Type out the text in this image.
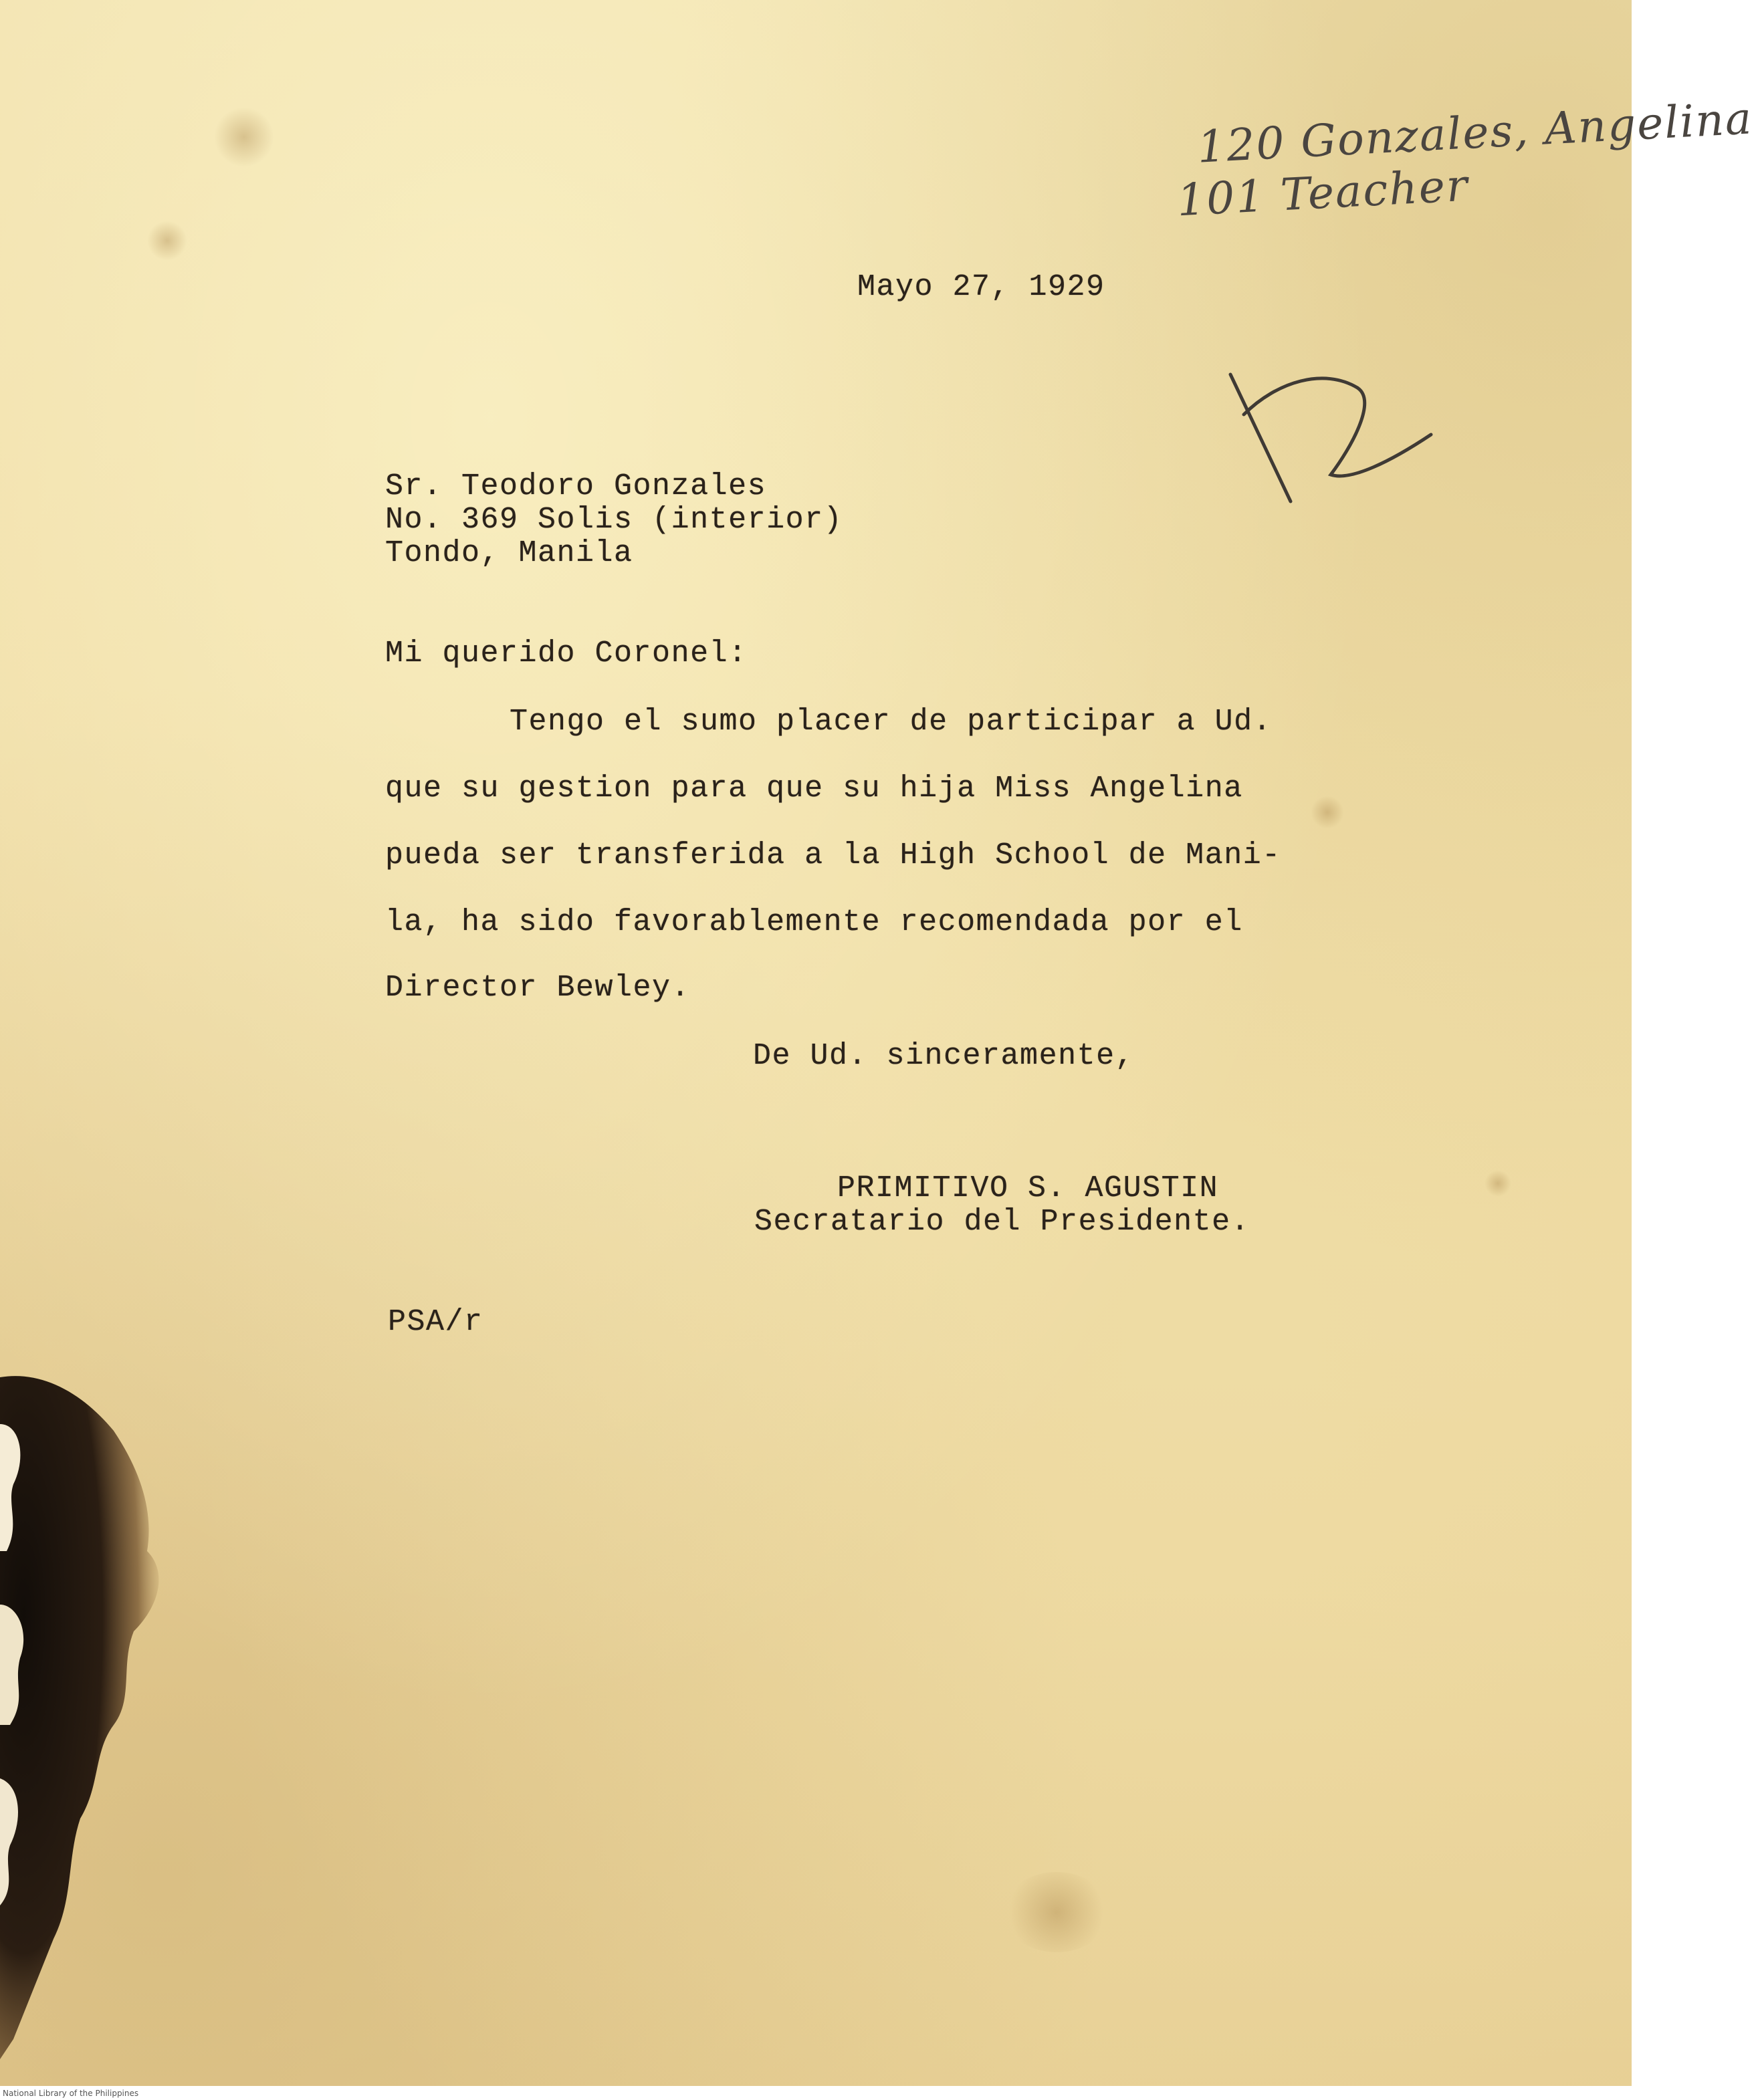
120 Gonzales, Angelina
101 Teacher
Mayo 27, 1929
Sr. Teodoro Gonzales
No. 369 Solis (interior)
Tondo, Manila
Mi querido Coronel:
Tengo el sumo placer de participar a Ud.
que su gestion para que su hija Miss Angelina
pueda ser transferida a la High School de Mani-
la, ha sido favorablemente recomendada por el
Director Bewley.
De Ud. sinceramente,
PRIMITIVO S. AGUSTIN
Secratario del Presidente.
PSA/r
National Library of the Philippines
